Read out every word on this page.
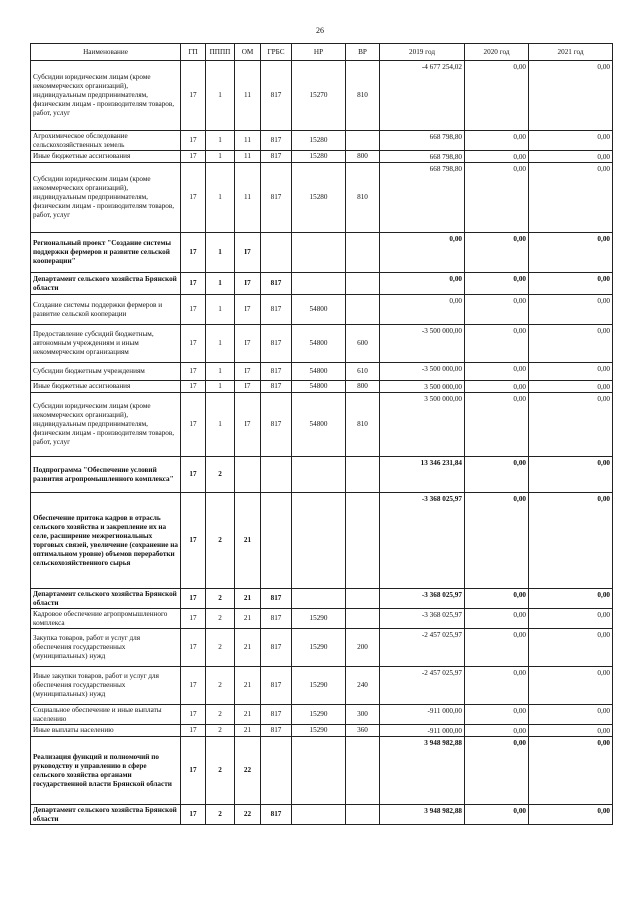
26
Наименование	ГП	ПППП	ОМ	ГРБС	НР	ВР	2019 год	2020 год	2021 год
Субсидии юридическим лицам (кроме некоммерческих организаций), индивидуальным предпринимателям, физическим лицам - производителям товаров, работ, услуг	17	1	11	817	15270	810	-4 677 254,02	0,00	0,00
Агрохимическое обследование сельскохозяйственных земель	17	1	11	817	15280		668 798,80	0,00	0,00
Иные бюджетные ассигнования	17	1	11	817	15280	800	668 798,80	0,00	0,00
Субсидии юридическим лицам (кроме некоммерческих организаций), индивидуальным предпринимателям, физическим лицам - производителям товаров, работ, услуг	17	1	11	817	15280	810	668 798,80	0,00	0,00
Региональный проект "Создание системы поддержки фермеров и развитие сельской кооперации"	17	1	I7				0,00	0,00	0,00
Департамент сельского хозяйства Брянской области	17	1	I7	817			0,00	0,00	0,00
Создание системы поддержки фермеров и развитие сельской кооперации	17	1	I7	817	54800		0,00	0,00	0,00
Предоставление субсидий бюджетным, автономным учреждениям и иным некоммерческим организациям	17	1	I7	817	54800	600	-3 500 000,00	0,00	0,00
Субсидии бюджетным учреждениям	17	1	I7	817	54800	610	-3 500 000,00	0,00	0,00
Иные бюджетные ассигнования	17	1	I7	817	54800	800	3 500 000,00	0,00	0,00
Субсидии юридическим лицам (кроме некоммерческих организаций), индивидуальным предпринимателям, физическим лицам - производителям товаров, работ, услуг	17	1	I7	817	54800	810	3 500 000,00	0,00	0,00
Подпрограмма "Обеспечение условий развития агропромышленного комплекса"	17	2					13 346 231,84	0,00	0,00
Обеспечение притока кадров в отрасль сельского хозяйства и закрепление их на селе, расширение межрегиональных торговых связей, увеличение (сохранение на оптимальном уровне) объемов переработки сельскохозяйственного сырья	17	2	21				-3 368 025,97	0,00	0,00
Департамент сельского хозяйства Брянской области	17	2	21	817			-3 368 025,97	0,00	0,00
Кадровое обеспечение агропромышленного комплекса	17	2	21	817	15290		-3 368 025,97	0,00	0,00
Закупка товаров, работ и услуг для обеспечения государственных (муниципальных) нужд	17	2	21	817	15290	200	-2 457 025,97	0,00	0,00
Иные закупки товаров, работ и услуг для обеспечения государственных (муниципальных) нужд	17	2	21	817	15290	240	-2 457 025,97	0,00	0,00
Социальное обеспечение и иные выплаты населению	17	2	21	817	15290	300	-911 000,00	0,00	0,00
Иные выплаты населению	17	2	21	817	15290	360	-911 000,00	0,00	0,00
Реализация функций и полномочий по руководству и управлению в сфере сельского хозяйства органами государственной власти Брянской области	17	2	22				3 948 982,88	0,00	0,00
Департамент сельского хозяйства Брянской области	17	2	22	817			3 948 982,88	0,00	0,00
